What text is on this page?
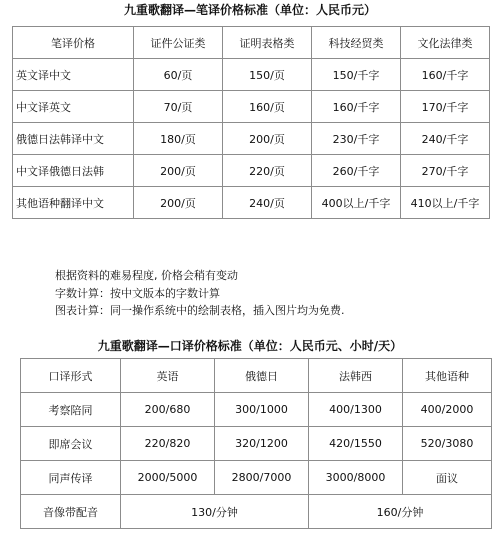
九重歌翻译—笔译价格标准（单位：人民币元）
笔译价格	证件公证类	证明表格类	科技经贸类	文化法律类
英文译中文	60/页	150/页	150/千字	160/千字
中文译英文	70/页	160/页	160/千字	170/千字
俄德日法韩译中文	180/页	200/页	230/千字	240/千字
中文译俄德日法韩	200/页	220/页	260/千字	270/千字
其他语种翻译中文	200/页	240/页	400以上/千字	410以上/千字
根据资料的难易程度, 价格会稍有变动
字数计算：按中文版本的字数计算
图表计算：同一操作系统中的绘制表格，插入图片均为免费.
九重歌翻译—口译价格标准（单位：人民币元、小时/天）
口译形式	英语	俄德日	法韩西	其他语种
考察陪同	200/680	300/1000	400/1300	400/2000
即席会议	220/820	320/1200	420/1550	520/3080
同声传译	2000/5000	2800/7000	3000/8000	面议
音像带配音	130/分钟		160/分钟	
